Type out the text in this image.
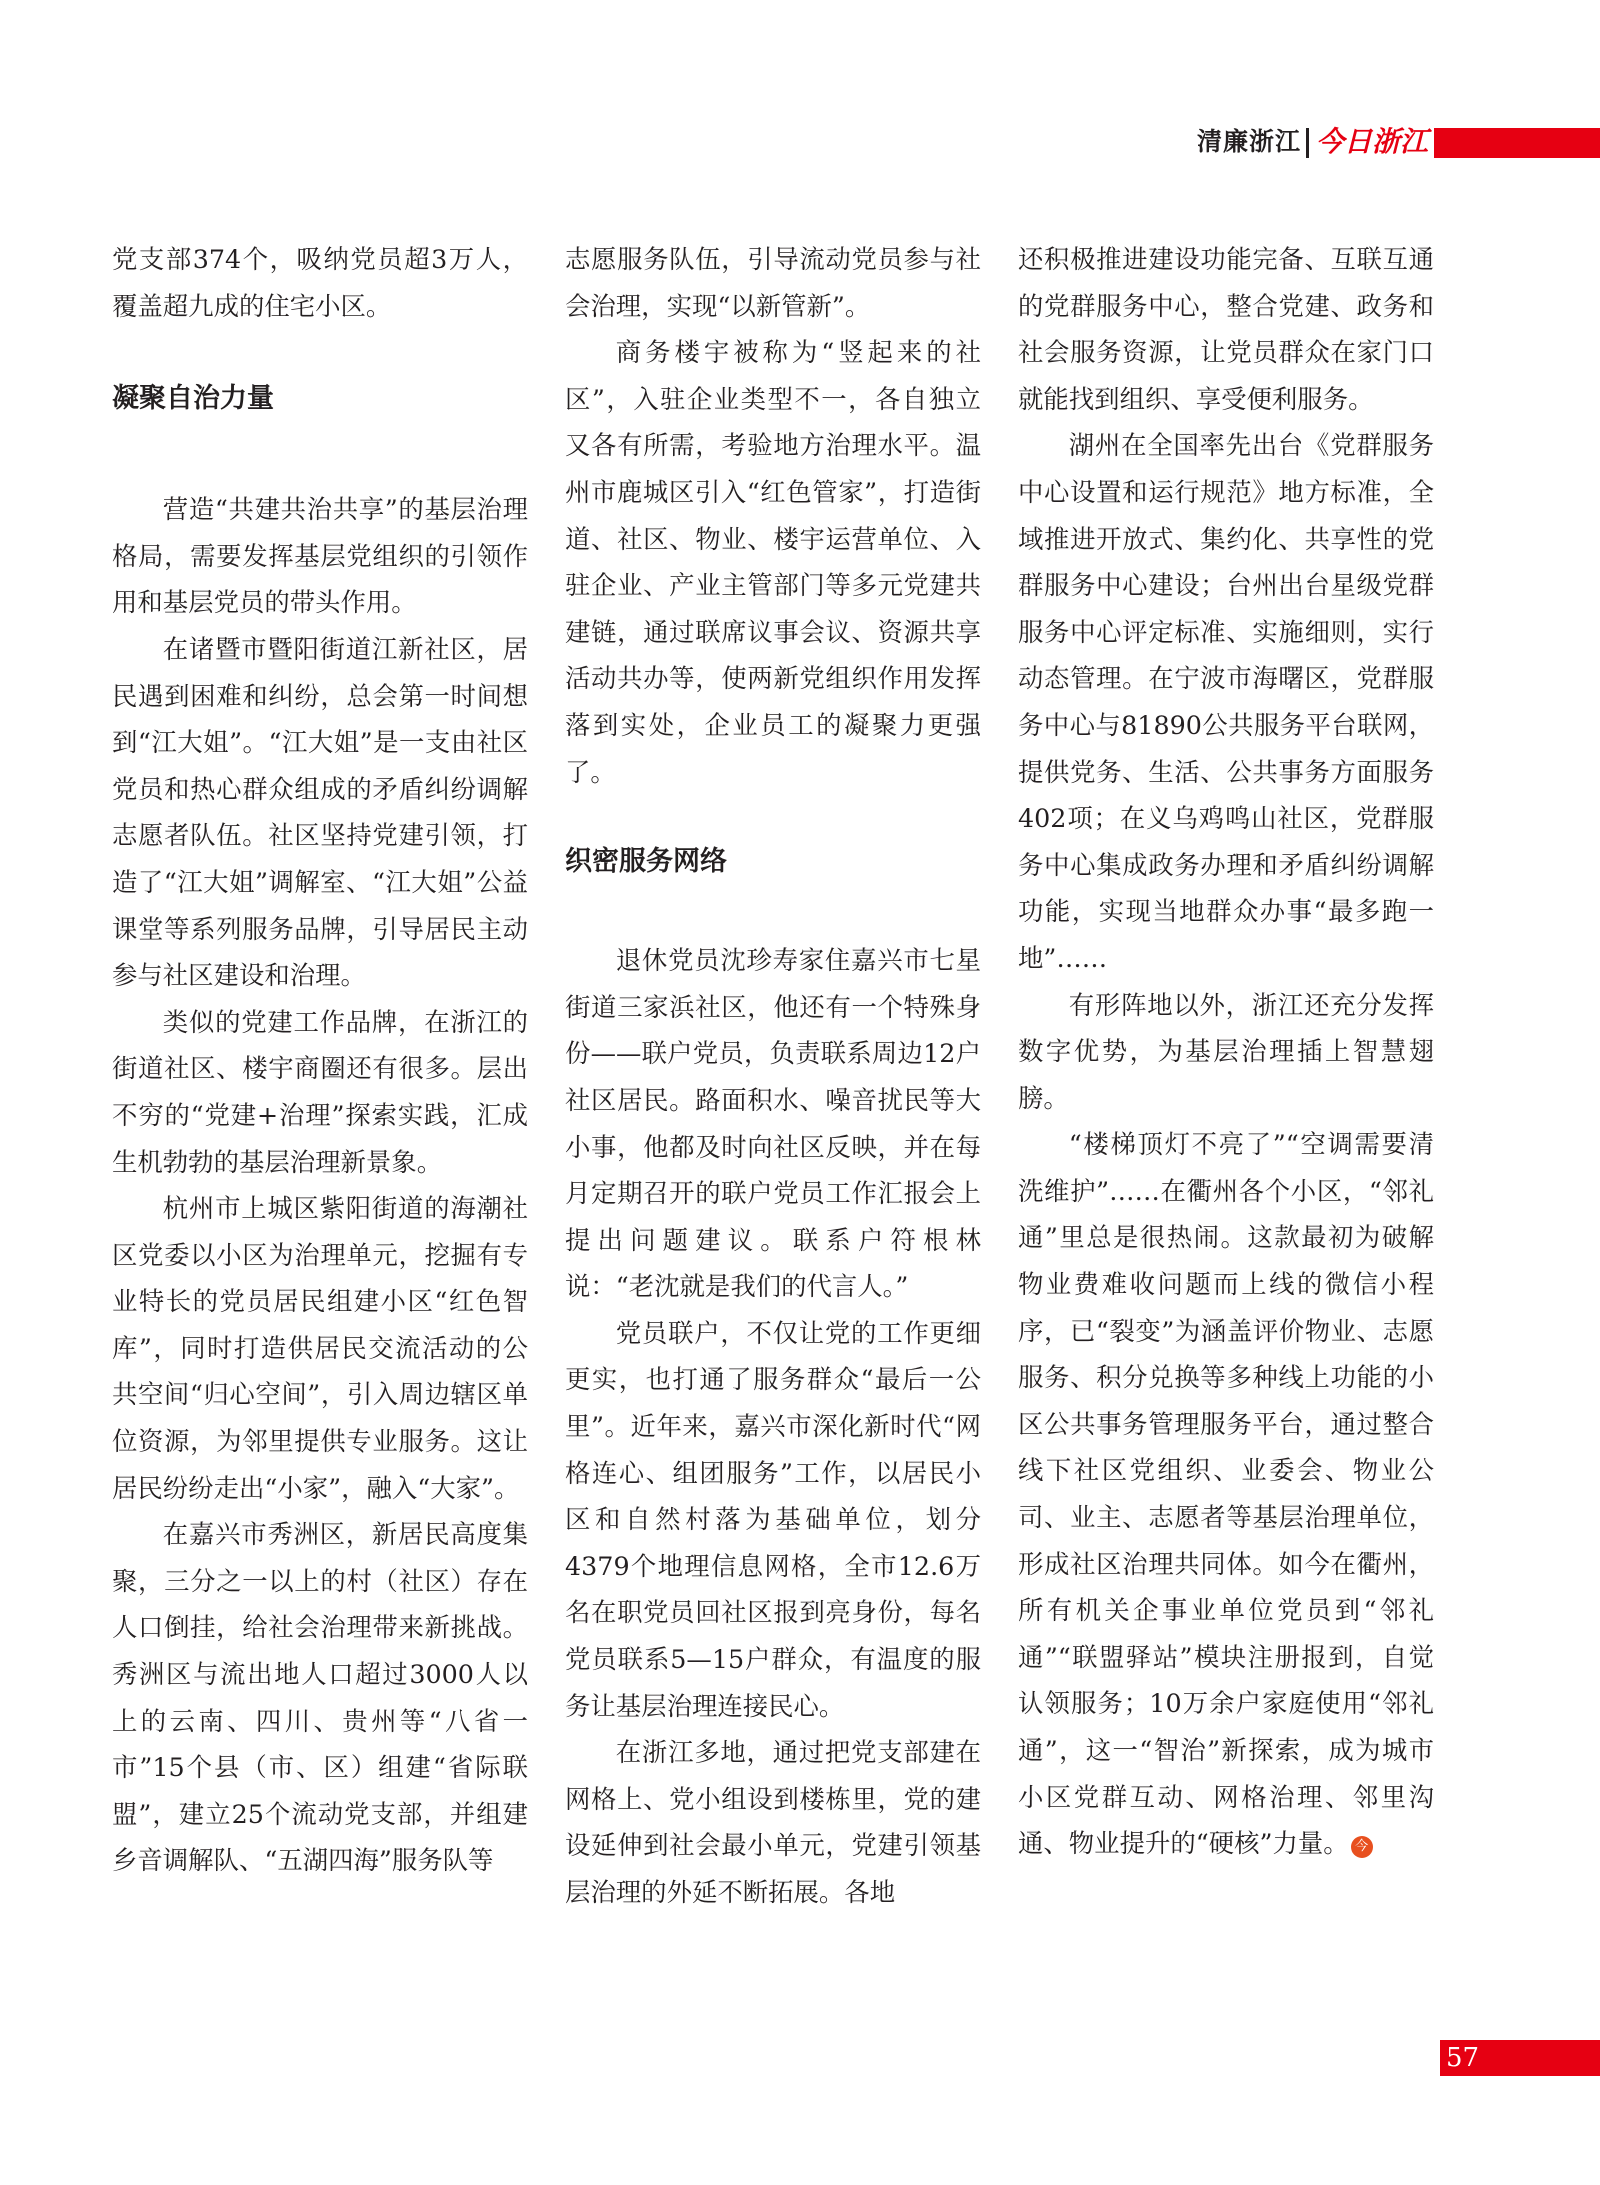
清廉浙江 今日浙江

党支部374个，吸纳党员超3万人，覆盖超九成的住宅小区。

凝聚自治力量

营造“共建共治共享”的基层治理格局，需要发挥基层党组织的引领作用和基层党员的带头作用。

在诸暨市暨阳街道江新社区，居民遇到困难和纠纷，总会第一时间想到“江大姐”。“江大姐”是一支由社区党员和热心群众组成的矛盾纠纷调解志愿者队伍。社区坚持党建引领，打造了“江大姐”调解室、“江大姐”公益课堂等系列服务品牌，引导居民主动参与社区建设和治理。

类似的党建工作品牌，在浙江的街道社区、楼宇商圈还有很多。层出不穷的“党建+治理”探索实践，汇成生机勃勃的基层治理新景象。

杭州市上城区紫阳街道的海潮社区党委以小区为治理单元，挖掘有专业特长的党员居民组建小区“红色智库”，同时打造供居民交流活动的公共空间“归心空间”，引入周边辖区单位资源，为邻里提供专业服务。这让居民纷纷走出“小家”，融入“大家”。

在嘉兴市秀洲区，新居民高度集聚，三分之一以上的村（社区）存在人口倒挂，给社会治理带来新挑战。秀洲区与流出地人口超过3000人以上的云南、四川、贵州等“八省一市”15个县（市、区）组建“省际联盟”，建立25个流动党支部，并组建乡音调解队、“五湖四海”服务队等

志愿服务队伍，引导流动党员参与社会治理，实现“以新管新”。

商务楼宇被称为“竖起来的社区”，入驻企业类型不一，各自独立又各有所需，考验地方治理水平。温州市鹿城区引入“红色管家”，打造街道、社区、物业、楼宇运营单位、入驻企业、产业主管部门等多元党建共建链，通过联席议事会议、资源共享活动共办等，使两新党组织作用发挥落到实处，企业员工的凝聚力更强了。

织密服务网络

退休党员沈珍寿家住嘉兴市七星街道三家浜社区，他还有一个特殊身份——联户党员，负责联系周边12户社区居民。路面积水、噪音扰民等大小事，他都及时向社区反映，并在每月定期召开的联户党员工作汇报会上提出问题建议。联系户符根林说：“老沈就是我们的代言人。”

党员联户，不仅让党的工作更细更实，也打通了服务群众“最后一公里”。近年来，嘉兴市深化新时代“网格连心、组团服务”工作，以居民小区和自然村落为基础单位，划分4379个地理信息网格，全市12.6万名在职党员回社区报到亮身份，每名党员联系5—15户群众，有温度的服务让基层治理连接民心。

在浙江多地，通过把党支部建在网格上、党小组设到楼栋里，党的建设延伸到社会最小单元，党建引领基层治理的外延不断拓展。各地

还积极推进建设功能完备、互联互通的党群服务中心，整合党建、政务和社会服务资源，让党员群众在家门口就能找到组织、享受便利服务。

湖州在全国率先出台《党群服务中心设置和运行规范》地方标准，全域推进开放式、集约化、共享性的党群服务中心建设；台州出台星级党群服务中心评定标准、实施细则，实行动态管理。在宁波市海曙区，党群服务中心与81890公共服务平台联网，提供党务、生活、公共事务方面服务402项；在义乌鸡鸣山社区，党群服务中心集成政务办理和矛盾纠纷调解功能，实现当地群众办事“最多跑一地”……

有形阵地以外，浙江还充分发挥数字优势，为基层治理插上智慧翅膀。

“楼梯顶灯不亮了”“空调需要清洗维护”……在衢州各个小区，“邻礼通”里总是很热闹。这款最初为破解物业费难收问题而上线的微信小程序，已“裂变”为涵盖评价物业、志愿服务、积分兑换等多种线上功能的小区公共事务管理服务平台，通过整合线下社区党组织、业委会、物业公司、业主、志愿者等基层治理单位，形成社区治理共同体。如今在衢州，所有机关企事业单位党员到“邻礼通”“联盟驿站”模块注册报到，自觉认领服务；10万余户家庭使用“邻礼通”，这一“智治”新探索，成为城市小区党群互动、网格治理、邻里沟通、物业提升的“硬核”力量。 今

57
